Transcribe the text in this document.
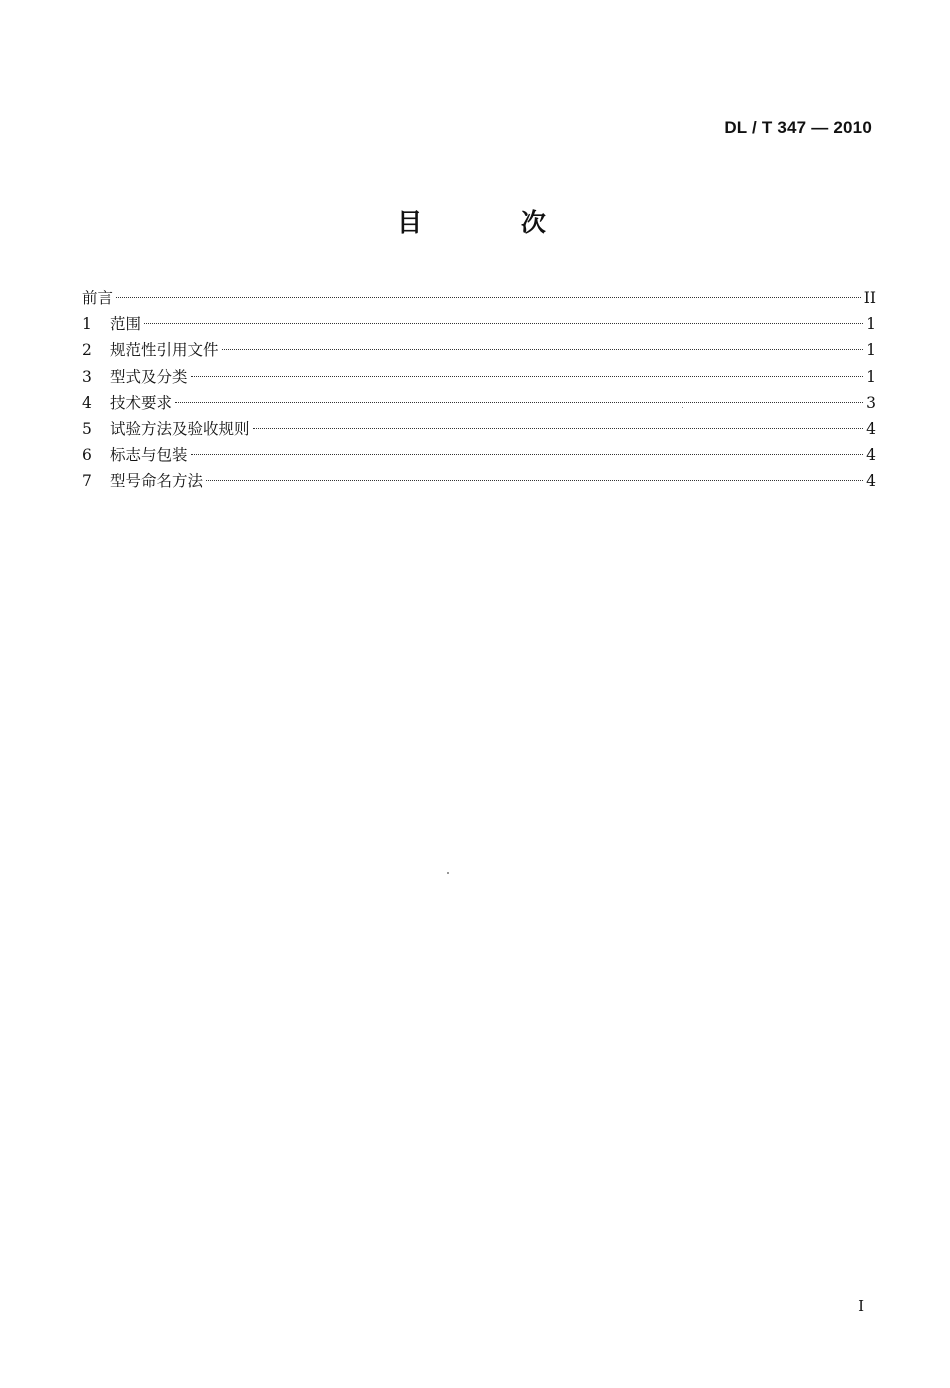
DL / T 347 — 2010
目 次
前言	II
1	范围	1
2	规范性引用文件	1
3	型式及分类	1
4	技术要求	3
5	试验方法及验收规则	4
6	标志与包装	4
7	型号命名方法	4
I
